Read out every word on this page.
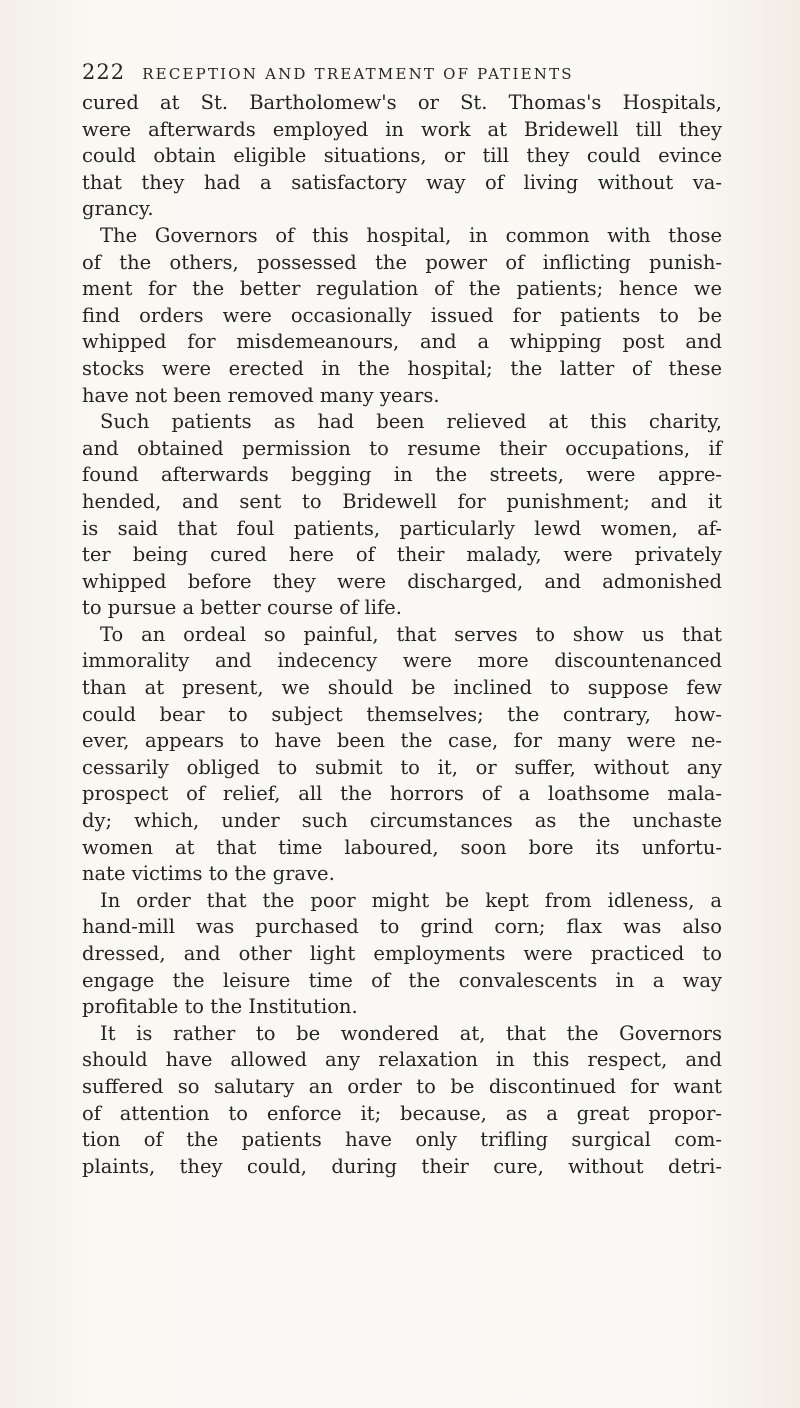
222 RECEPTION AND TREATMENT OF PATIENTS
cured at St. Bartholomew's or St. Thomas's Hospitals,
were afterwards employed in work at Bridewell till they
could obtain eligible situations, or till they could evince
that they had a satisfactory way of living without va-
grancy.
The Governors of this hospital, in common with those
of the others, possessed the power of inflicting punish-
ment for the better regulation of the patients; hence we
find orders were occasionally issued for patients to be
whipped for misdemeanours, and a whipping post and
stocks were erected in the hospital; the latter of these
have not been removed many years.
Such patients as had been relieved at this charity,
and obtained permission to resume their occupations, if
found afterwards begging in the streets, were appre-
hended, and sent to Bridewell for punishment; and it
is said that foul patients, particularly lewd women, af-
ter being cured here of their malady, were privately
whipped before they were discharged, and admonished
to pursue a better course of life.
To an ordeal so painful, that serves to show us that
immorality and indecency were more discountenanced
than at present, we should be inclined to suppose few
could bear to subject themselves; the contrary, how-
ever, appears to have been the case, for many were ne-
cessarily obliged to submit to it, or suffer, without any
prospect of relief, all the horrors of a loathsome mala-
dy; which, under such circumstances as the unchaste
women at that time laboured, soon bore its unfortu-
nate victims to the grave.
In order that the poor might be kept from idleness, a
hand-mill was purchased to grind corn; flax was also
dressed, and other light employments were practiced to
engage the leisure time of the convalescents in a way
profitable to the Institution.
It is rather to be wondered at, that the Governors
should have allowed any relaxation in this respect, and
suffered so salutary an order to be discontinued for want
of attention to enforce it; because, as a great propor-
tion of the patients have only trifling surgical com-
plaints, they could, during their cure, without detri-
